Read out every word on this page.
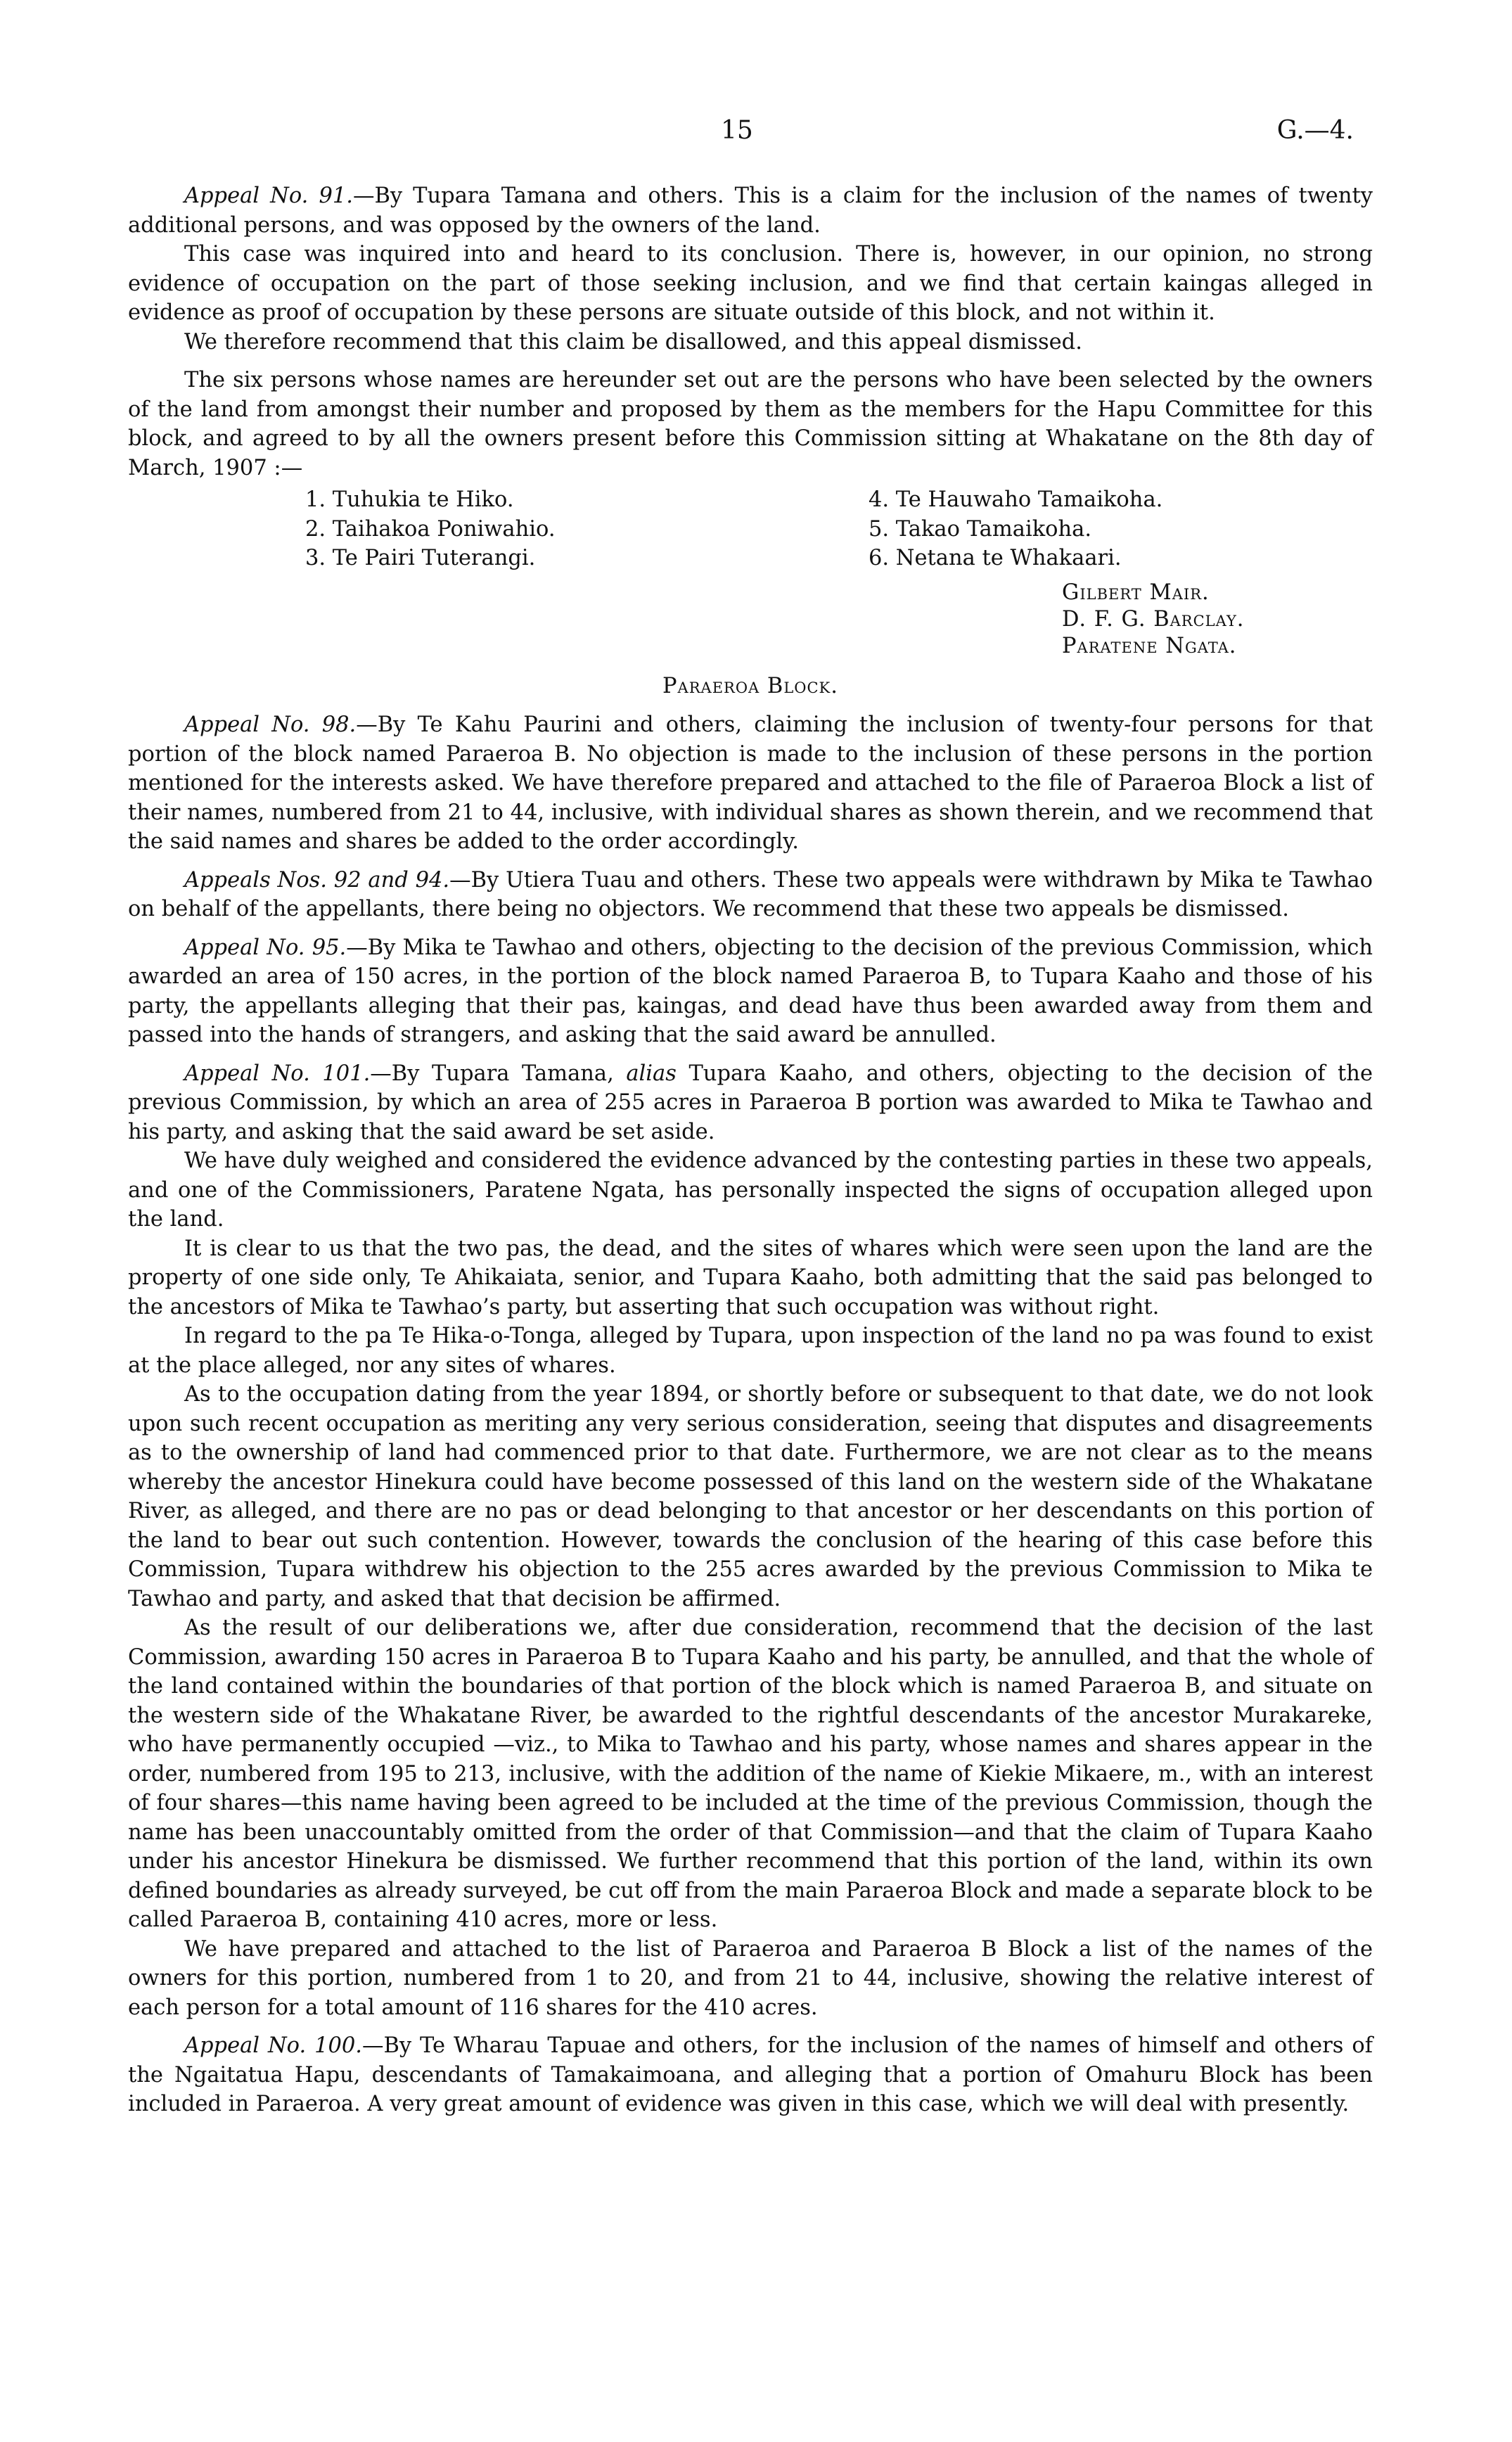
15	G.—4.

Appeal No. 91.—By Tupara Tamana and others. This is a claim for the inclusion of the names of twenty additional persons, and was opposed by the owners of the land.

This case was inquired into and heard to its conclusion. There is, however, in our opinion, no strong evidence of occupation on the part of those seeking inclusion, and we find that certain kaingas alleged in evidence as proof of occupation by these persons are situate outside of this block, and not within it.

We therefore recommend that this claim be disallowed, and this appeal dismissed.

The six persons whose names are hereunder set out are the persons who have been selected by the owners of the land from amongst their number and proposed by them as the members for the Hapu Committee for this block, and agreed to by all the owners present before this Commission sitting at Whakatane on the 8th day of March, 1907 :—

1. Tuhukia te Hiko.
2. Taihakoa Poniwahio.
3. Te Pairi Tuterangi.
4. Te Hauwaho Tamaikoha.
5. Takao Tamaikoha.
6. Netana te Whakaari.
Gilbert Mair.
D. F. G. Barclay.
Paratene Ngata.
Paraeroa Block.

Appeal No. 98.—By Te Kahu Paurini and others, claiming the inclusion of twenty-four persons for that portion of the block named Paraeroa B. No objection is made to the inclusion of these persons in the portion mentioned for the interests asked. We have therefore prepared and attached to the file of Paraeroa Block a list of their names, numbered from 21 to 44, inclusive, with individual shares as shown therein, and we recommend that the said names and shares be added to the order accordingly.

Appeals Nos. 92 and 94.—By Utiera Tuau and others. These two appeals were withdrawn by Mika te Tawhao on behalf of the appellants, there being no objectors. We recommend that these two appeals be dismissed.

Appeal No. 95.—By Mika te Tawhao and others, objecting to the decision of the previous Commission, which awarded an area of 150 acres, in the portion of the block named Paraeroa B, to Tupara Kaaho and those of his party, the appellants alleging that their pas, kaingas, and dead have thus been awarded away from them and passed into the hands of strangers, and asking that the said award be annulled.

Appeal No. 101.—By Tupara Tamana, alias Tupara Kaaho, and others, objecting to the decision of the previous Commission, by which an area of 255 acres in Paraeroa B portion was awarded to Mika te Tawhao and his party, and asking that the said award be set aside.

We have duly weighed and considered the evidence advanced by the contesting parties in these two appeals, and one of the Commissioners, Paratene Ngata, has personally inspected the signs of occupation alleged upon the land.

It is clear to us that the two pas, the dead, and the sites of whares which were seen upon the land are the property of one side only, Te Ahikaiata, senior, and Tupara Kaaho, both admitting that the said pas belonged to the ancestors of Mika te Tawhao’s party, but asserting that such occupation was without right.

In regard to the pa Te Hika-o-Tonga, alleged by Tupara, upon inspection of the land no pa was found to exist at the place alleged, nor any sites of whares.

As to the occupation dating from the year 1894, or shortly before or subsequent to that date, we do not look upon such recent occupation as meriting any very serious consideration, seeing that disputes and disagreements as to the ownership of land had commenced prior to that date. Furthermore, we are not clear as to the means whereby the ancestor Hinekura could have become possessed of this land on the western side of the Whakatane River, as alleged, and there are no pas or dead belonging to that ancestor or her descendants on this portion of the land to bear out such contention. However, towards the conclusion of the hearing of this case before this Commission, Tupara withdrew his objection to the 255 acres awarded by the previous Commission to Mika te Tawhao and party, and asked that that decision be affirmed.

As the result of our deliberations we, after due consideration, recommend that the decision of the last Commission, awarding 150 acres in Paraeroa B to Tupara Kaaho and his party, be annulled, and that the whole of the land contained within the boundaries of that portion of the block which is named Paraeroa B, and situate on the western side of the Whakatane River, be awarded to the rightful descendants of the ancestor Murakareke, who have permanently occupied —viz., to Mika to Tawhao and his party, whose names and shares appear in the order, numbered from 195 to 213, inclusive, with the addition of the name of Kiekie Mikaere, m., with an interest of four shares—this name having been agreed to be included at the time of the previous Commission, though the name has been unaccountably omitted from the order of that Commission—and that the claim of Tupara Kaaho under his ancestor Hinekura be dismissed. We further recommend that this portion of the land, within its own defined boundaries as already surveyed, be cut off from the main Paraeroa Block and made a separate block to be called Paraeroa B, containing 410 acres, more or less.

We have prepared and attached to the list of Paraeroa and Paraeroa B Block a list of the names of the owners for this portion, numbered from 1 to 20, and from 21 to 44, inclusive, showing the relative interest of each person for a total amount of 116 shares for the 410 acres.

Appeal No. 100.—By Te Wharau Tapuae and others, for the inclusion of the names of himself and others of the Ngaitatua Hapu, descendants of Tamakaimoana, and alleging that a portion of Omahuru Block has been included in Paraeroa. A very great amount of evidence was given in this case, which we will deal with presently.
